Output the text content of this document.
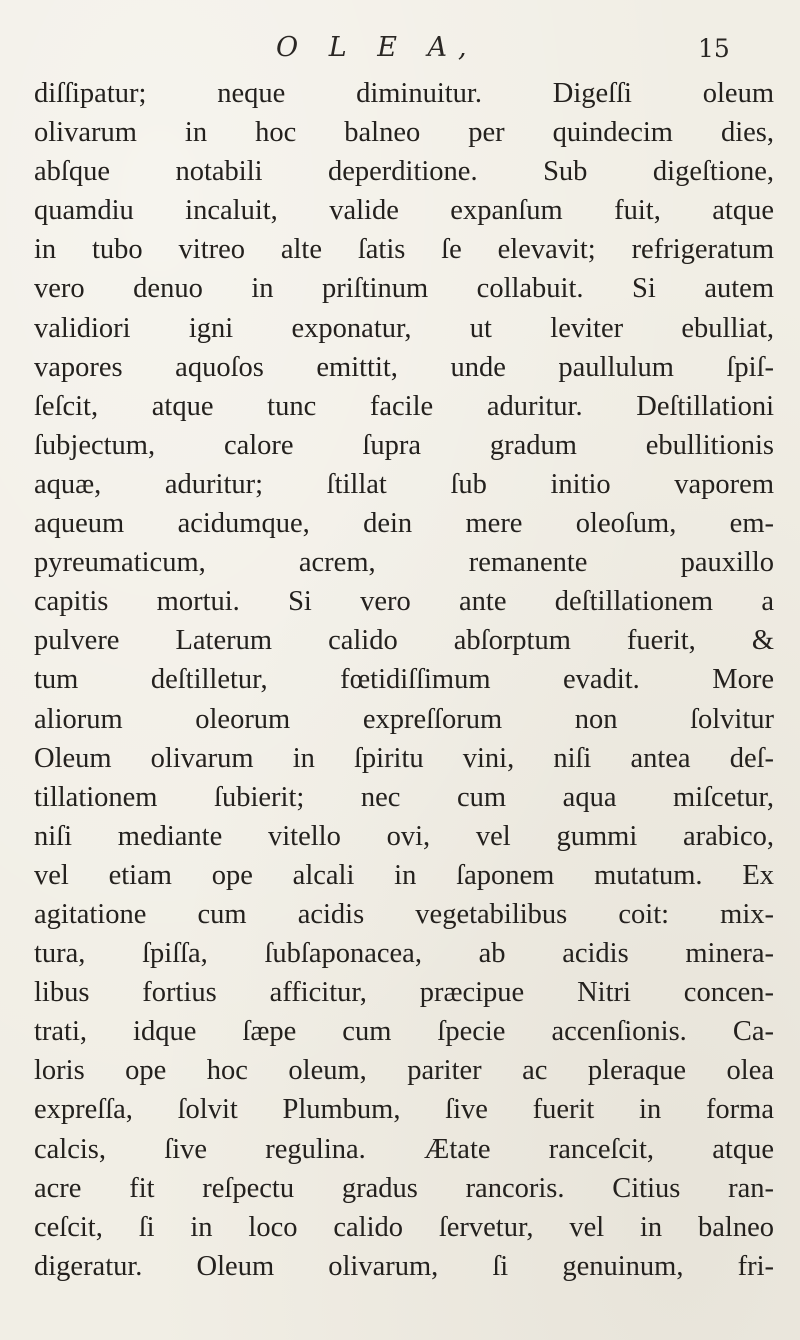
O L E A,	15
diſſipatur; neque diminuitur. Digeſſi oleum
olivarum in hoc balneo per quindecim dies,
abſque notabili deperditione. Sub digeſtione,
quamdiu incaluit, valide expanſum fuit, atque
in tubo vitreo alte ſatis ſe elevavit; refrigeratum
vero denuo in priſtinum collabuit. Si autem
validiori igni exponatur, ut leviter ebulliat,
vapores aquoſos emittit, unde paullulum ſpiſ-
ſeſcit, atque tunc facile aduritur. Deſtillationi
ſubjectum, calore ſupra gradum ebullitionis
aquæ, aduritur; ſtillat ſub initio vaporem
aqueum acidumque, dein mere oleoſum, em-
pyreumaticum, acrem, remanente pauxillo
capitis mortui. Si vero ante deſtillationem a
pulvere Laterum calido abſorptum fuerit, &
tum deſtilletur, fœtidiſſimum evadit. More
aliorum oleorum expreſſorum non ſolvitur
Oleum olivarum in ſpiritu vini, niſi antea deſ-
tillationem ſubierit; nec cum aqua miſcetur,
niſi mediante vitello ovi, vel gummi arabico,
vel etiam ope alcali in ſaponem mutatum. Ex
agitatione cum acidis vegetabilibus coit: mix-
tura, ſpiſſa, ſubſaponacea, ab acidis minera-
libus fortius afficitur, præcipue Nitri concen-
trati, idque ſæpe cum ſpecie accenſionis. Ca-
loris ope hoc oleum, pariter ac pleraque olea
expreſſa, ſolvit Plumbum, ſive fuerit in forma
calcis, ſive regulina. Ætate ranceſcit, atque
acre fit reſpectu gradus rancoris. Citius ran-
ceſcit, ſi in loco calido ſervetur, vel in balneo
digeratur. Oleum olivarum, ſi genuinum, fri-
